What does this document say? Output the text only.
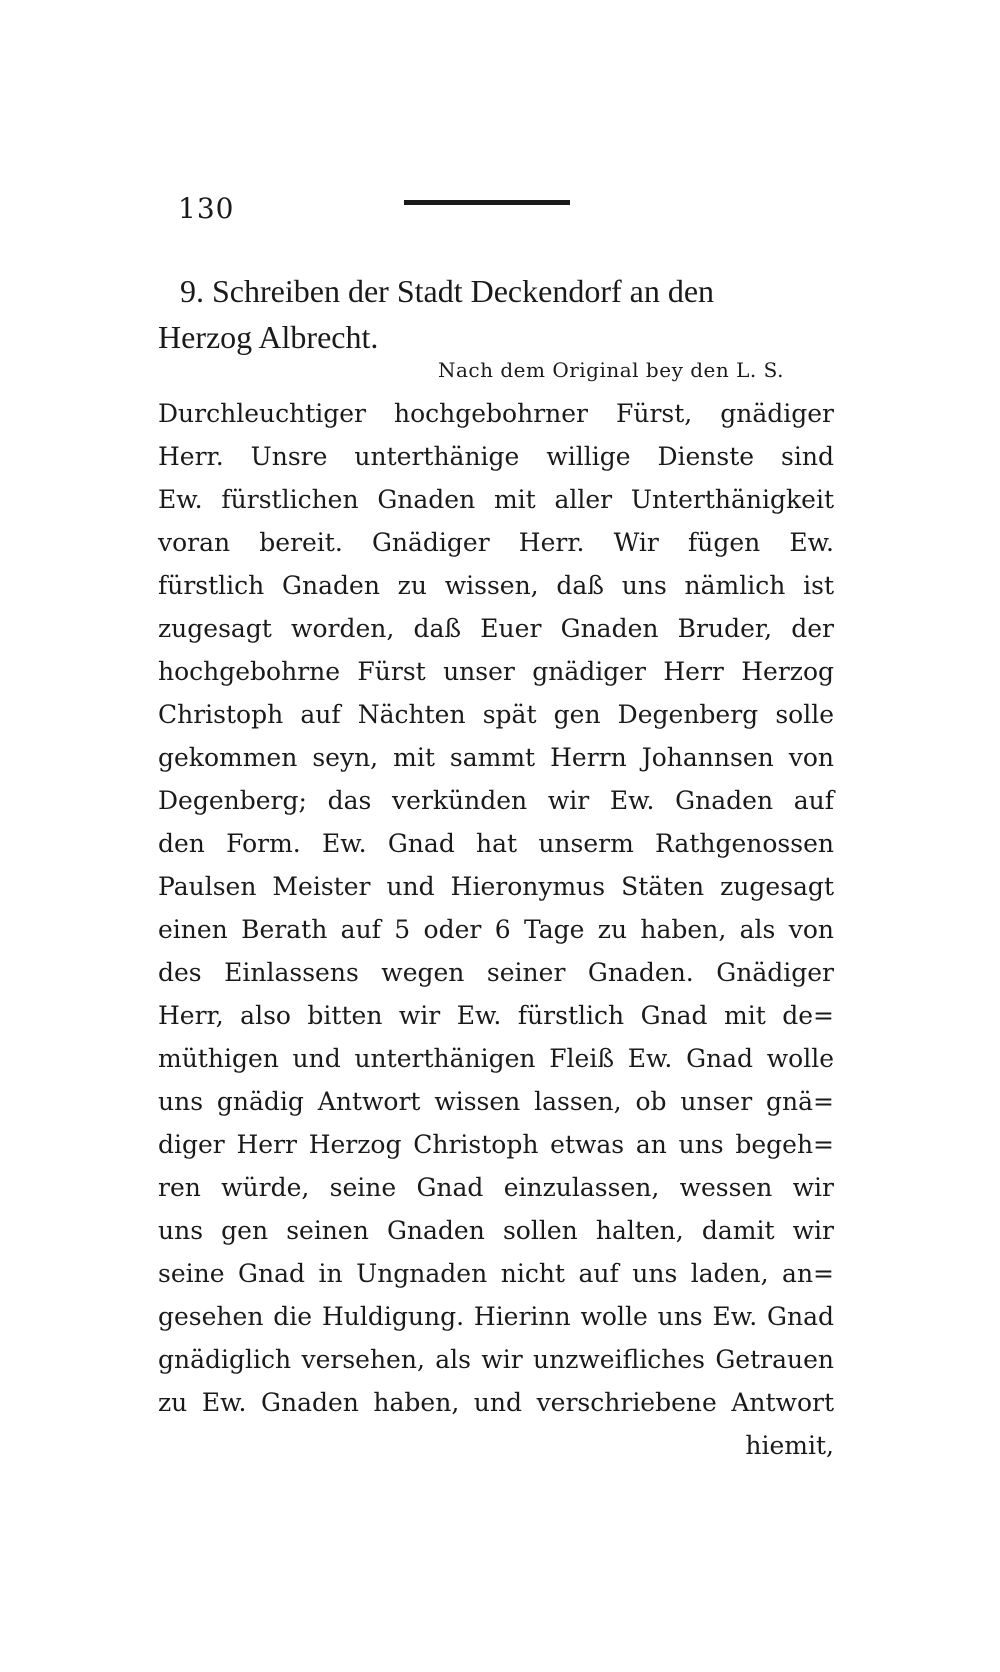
130
9. Schreiben der Stadt Deckendorf an den
Herzog Albrecht.
Nach dem Original bey den L. S.
Durchleuchtiger hochgebohrner Fürst, gnädiger
Herr. Unsre unterthänige willige Dienste sind
Ew. fürstlichen Gnaden mit aller Unterthänigkeit
voran bereit. Gnädiger Herr. Wir fügen Ew.
fürstlich Gnaden zu wissen, daß uns nämlich ist
zugesagt worden, daß Euer Gnaden Bruder, der
hochgebohrne Fürst unser gnädiger Herr Herzog
Christoph auf Nächten spät gen Degenberg solle
gekommen seyn, mit sammt Herrn Johannsen von
Degenberg; das verkünden wir Ew. Gnaden auf
den Form. Ew. Gnad hat unserm Rathgenossen
Paulsen Meister und Hieronymus Stäten zugesagt
einen Berath auf 5 oder 6 Tage zu haben, als von
des Einlassens wegen seiner Gnaden. Gnädiger
Herr, also bitten wir Ew. fürstlich Gnad mit de=
müthigen und unterthänigen Fleiß Ew. Gnad wolle
uns gnädig Antwort wissen lassen, ob unser gnä=
diger Herr Herzog Christoph etwas an uns begeh=
ren würde, seine Gnad einzulassen, wessen wir
uns gen seinen Gnaden sollen halten, damit wir
seine Gnad in Ungnaden nicht auf uns laden, an=
gesehen die Huldigung. Hierinn wolle uns Ew. Gnad
gnädiglich versehen, als wir unzweifliches Getrauen
zu Ew. Gnaden haben, und verschriebene Antwort
hiemit,
